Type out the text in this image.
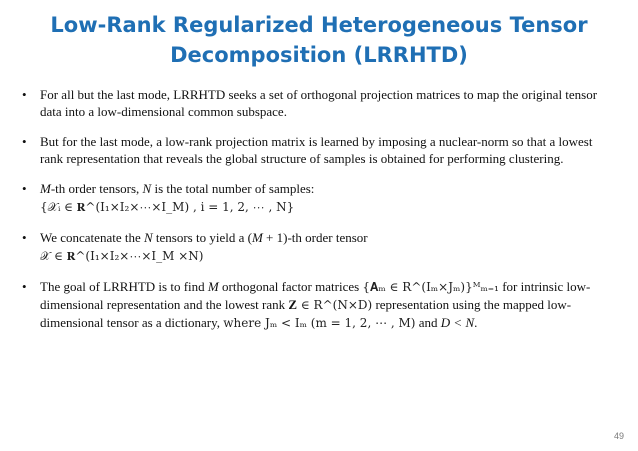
Low-Rank Regularized Heterogeneous Tensor Decomposition (LRRHTD)
•	For all but the last mode, LRRHTD seeks a set of orthogonal projection matrices to map the original tensor data into a low-dimensional common subspace.
•	But for the last mode, a low-rank projection matrix is learned by imposing a nuclear-norm so that a lowest rank representation that reveals the global structure of samples is obtained for performing clustering.
•	M-th order tensors, N is the total number of samples:
{𝒳ᵢ ∈ 𝐑^(I₁×I₂×⋯×I_M) , i = 1, 2, ⋯ , N}
•	We concatenate the N tensors to yield a (M + 1)-th order tensor
𝒳 ∈ 𝐑^(I₁×I₂×⋯×I_M ×N)
•	The goal of LRRHTD is to find M orthogonal factor matrices {𝐀ₘ ∈ R^(Iₘ×Jₘ)}ᴹₘ₌₁ for intrinsic low-dimensional representation and the lowest rank Z ∈ R^(N×D) representation using the mapped low-dimensional tensor as a dictionary, where Jₘ < Iₘ (m = 1, 2, ⋯ , M) and D < N.
49
